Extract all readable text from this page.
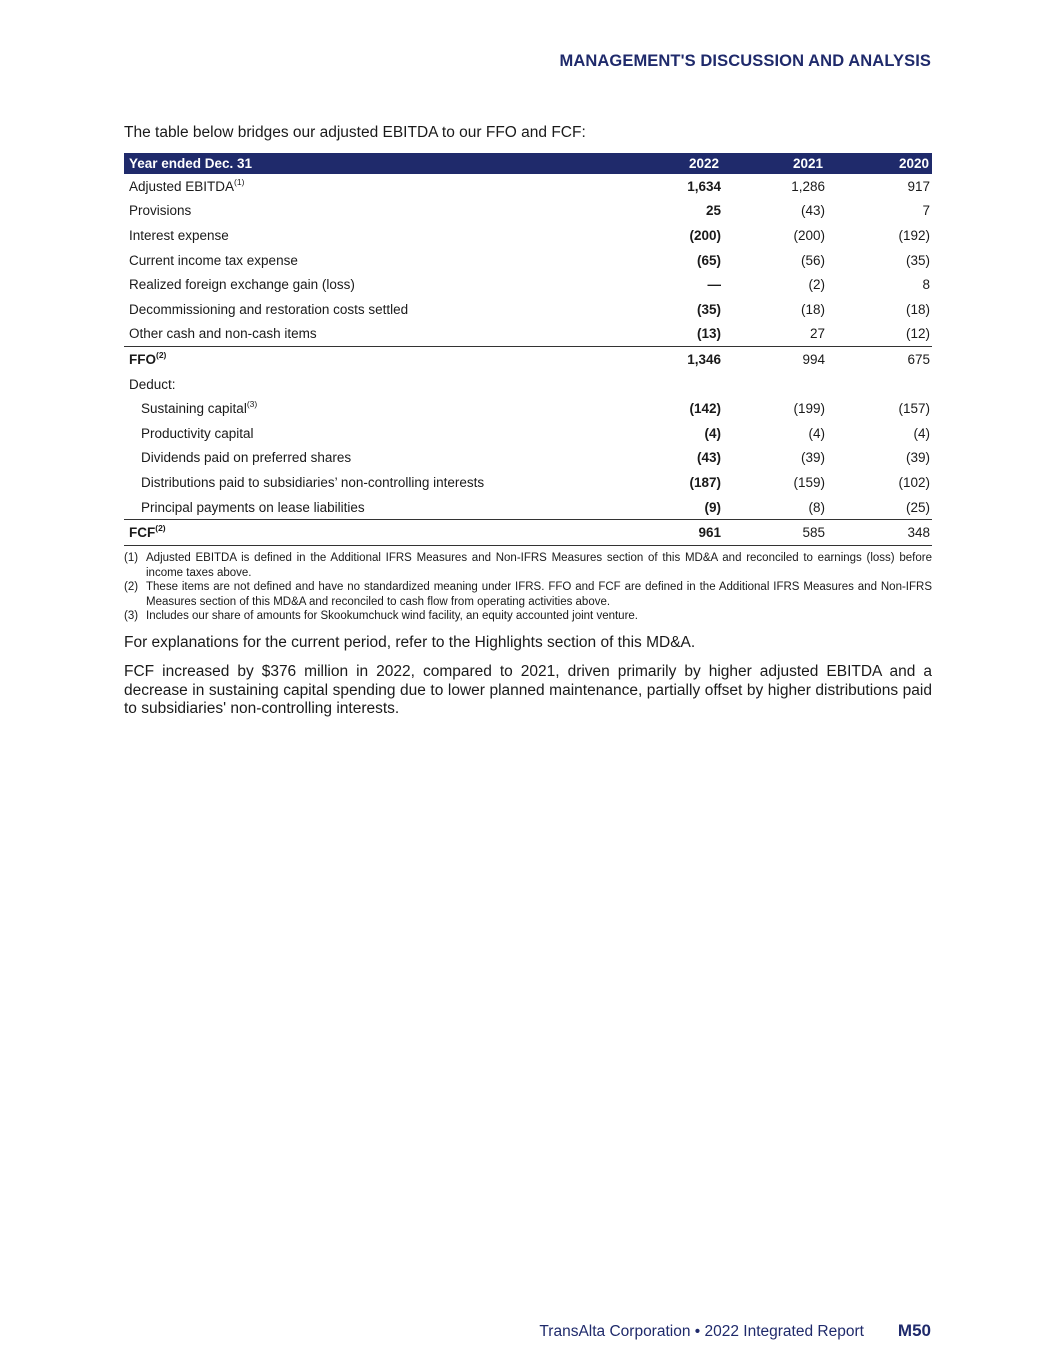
MANAGEMENT'S DISCUSSION AND ANALYSIS

The table below bridges our adjusted EBITDA to our FFO and FCF:

Year ended Dec. 31	2022	2021	2020
Adjusted EBITDA$^{(1)}$	1,634	1,286	917
Provisions	25	(43)	7
Interest expense	(200)	(200)	(192)
Current income tax expense	(65)	(56)	(35)
Realized foreign exchange gain (loss)	—	(2)	8
Decommissioning and restoration costs settled	(35)	(18)	(18)
Other cash and non-cash items	(13)	27	(12)
FFO$^{(2)}$	1,346	994	675
Deduct:			
Sustaining capital$^{(3)}$	(142)	(199)	(157)
Productivity capital	(4)	(4)	(4)
Dividends paid on preferred shares	(43)	(39)	(39)
Distributions paid to subsidiaries’ non-controlling interests	(187)	(159)	(102)
Principal payments on lease liabilities	(9)	(8)	(25)
FCF$^{(2)}$	961	585	348
(1) Adjusted EBITDA is defined in the Additional IFRS Measures and Non-IFRS Measures section of this MD&A and reconciled to earnings (loss) before income taxes above.
(2) These items are not defined and have no standardized meaning under IFRS. FFO and FCF are defined in the Additional IFRS Measures and Non-IFRS Measures section of this MD&A and reconciled to cash flow from operating activities above.
(3) Includes our share of amounts for Skookumchuck wind facility, an equity accounted joint venture.

For explanations for the current period, refer to the Highlights section of this MD&A.

FCF increased by $376 million in 2022, compared to 2021, driven primarily by higher adjusted EBITDA and a decrease in sustaining capital spending due to lower planned maintenance, partially offset by higher distributions paid to subsidiaries' non-controlling interests.

TransAlta Corporation • 2022 Integrated Report M50
